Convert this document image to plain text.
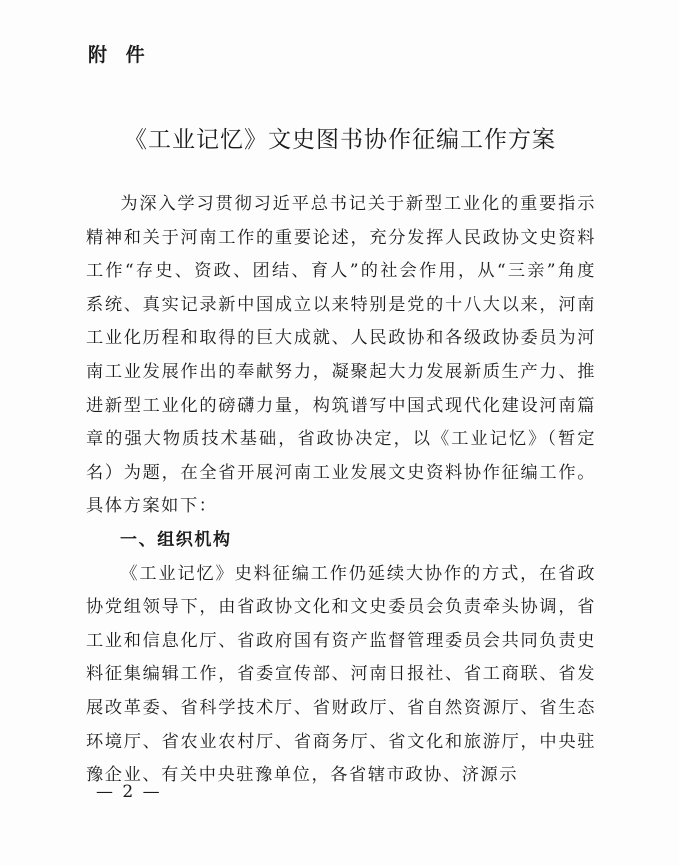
附 件
《工业记忆》文史图书协作征编工作方案

为深入学习贯彻习近平总书记关于新型工业化的重要指示精神和关于河南工作的重要论述，充分发挥人民政协文史资料工作“存史、资政、团结、育人”的社会作用，从“三亲”角度系统、真实记录新中国成立以来特别是党的十八大以来，河南工业化历程和取得的巨大成就、人民政协和各级政协委员为河南工业发展作出的奉献努力，凝聚起大力发展新质生产力、推进新型工业化的磅礴力量，构筑谱写中国式现代化建设河南篇章的强大物质技术基础，省政协决定，以《工业记忆》（暂定名）为题，在全省开展河南工业发展文史资料协作征编工作。具体方案如下：

一、组织机构

《工业记忆》史料征编工作仍延续大协作的方式，在省政协党组领导下，由省政协文化和文史委员会负责牵头协调，省工业和信息化厅、省政府国有资产监督管理委员会共同负责史料征集编辑工作，省委宣传部、河南日报社、省工商联、省发展改革委、省科学技术厅、省财政厅、省自然资源厅、省生态环境厅、省农业农村厅、省商务厅、省文化和旅游厅，中央驻豫企业、有关中央驻豫单位，各省辖市政协、济源示

— 2 —
